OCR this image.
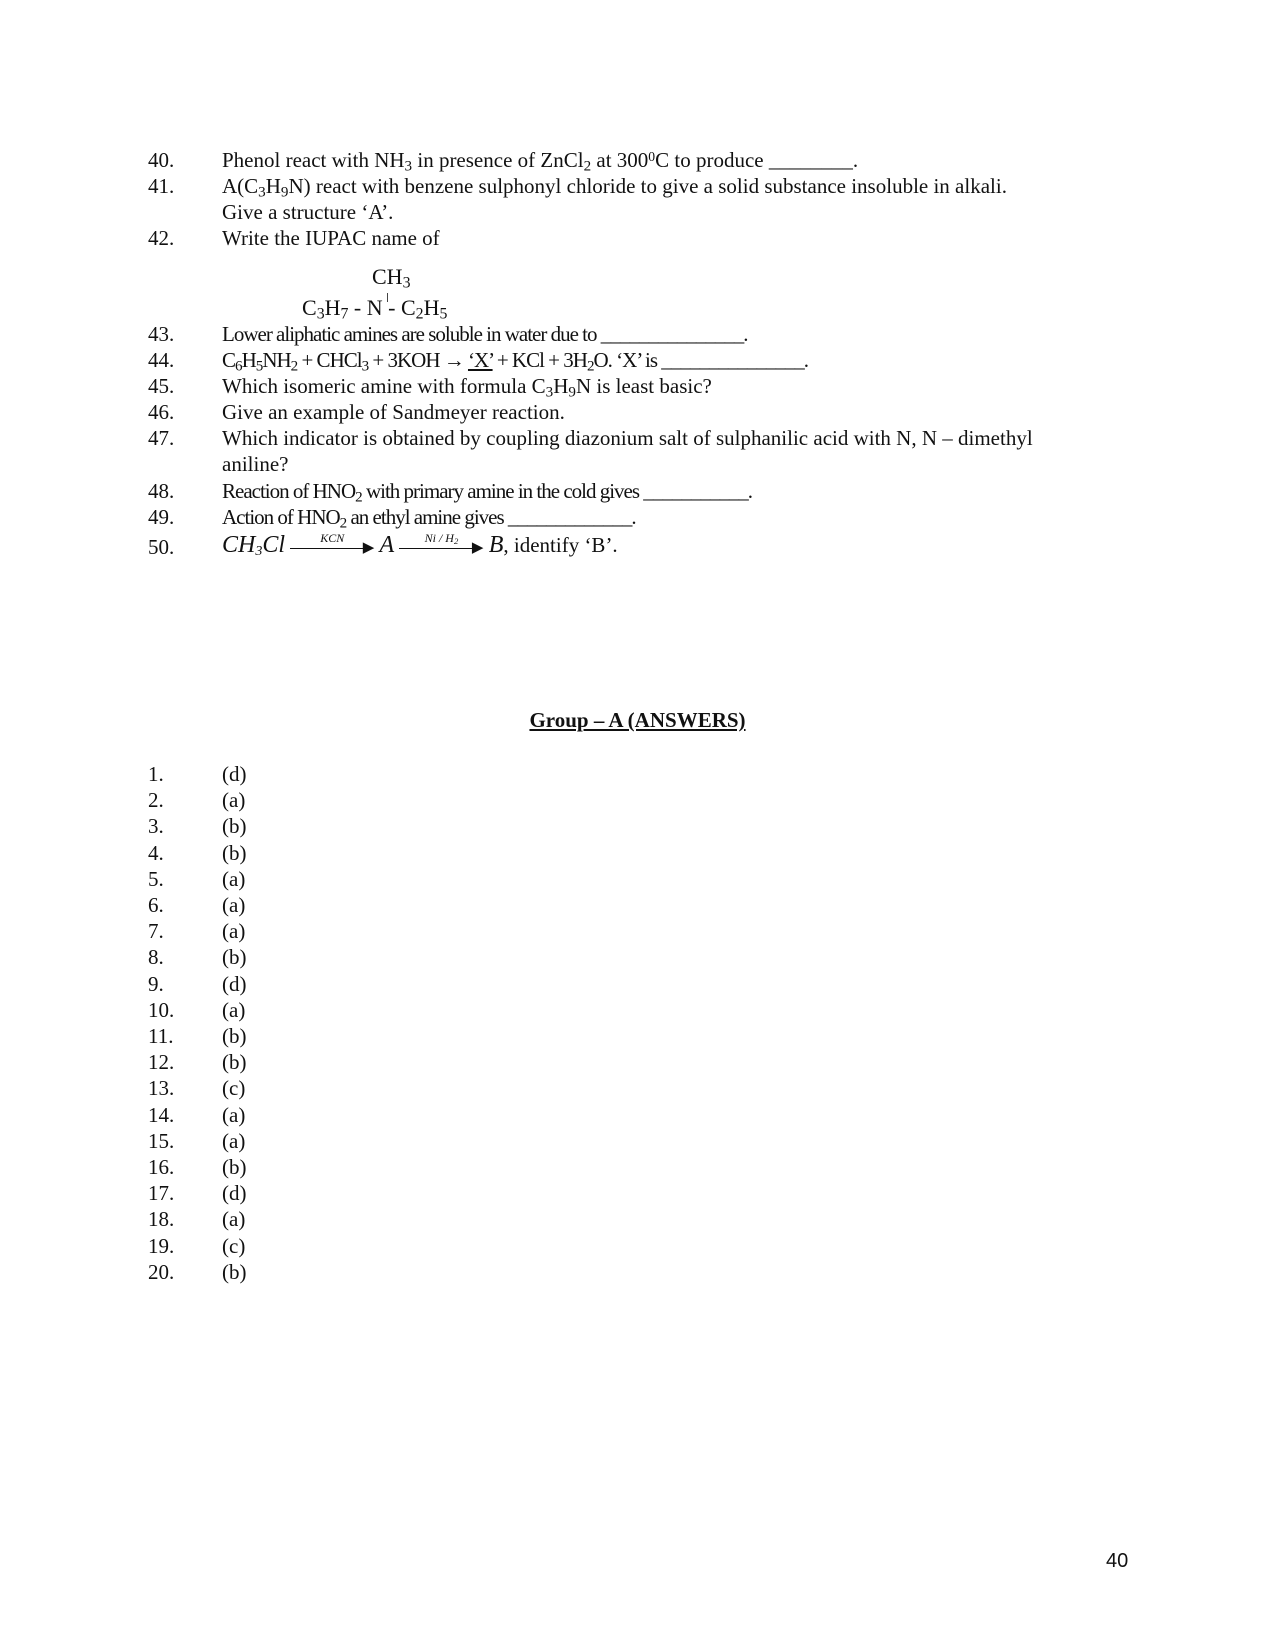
40. Phenol react with $NH_3$ in presence of ZnCl$_2$ at $300^0C$ to produce ________.
41. $A(C_3H_9N)$ react with benzene sulphonyl chloride to give a solid substance insoluble in alkali.
Give a structure ‘A’.
42. Write the IUPAC name of
$CH_3$
$C_3H_7$ - N - $C_2H_5$
43. Lower aliphatic amines are soluble in water due to _______________.
44. $C_6H_5NH_2$ + CHCl$_3$ + 3KOH → ‘X’ + KCl + $3H_2O$. ‘X’ is _______________.
45. Which isomeric amine with formula $C_3H_9N$ is least basic?
46. Give an example of Sandmeyer reaction.
47. Which indicator is obtained by coupling diazonium salt of sulphanilic acid with N, N – dimethyl
aniline?
48. Reaction of $HNO_2$ with primary amine in the cold gives ___________.
49. Action of $HNO_2$ an ethyl amine gives _____________.
50. $CH_3Cl$	KCN
▶ A	Ni / $H_2$ ▶ B, identify ‘B’.
Group – A (ANSWERS)
1.	(d)
2.	(a)
3.	(b)
4.	(b)
5.	(a)
6.	(a)
7.	(a)
8.	(b)
9.	(d)
10. (a)
11. (b)
12. (b)
13. (c)
14. (a)
15. (a)
16. (b)
17. (d)
18. (a)
19. (c)
20. (b)
40
